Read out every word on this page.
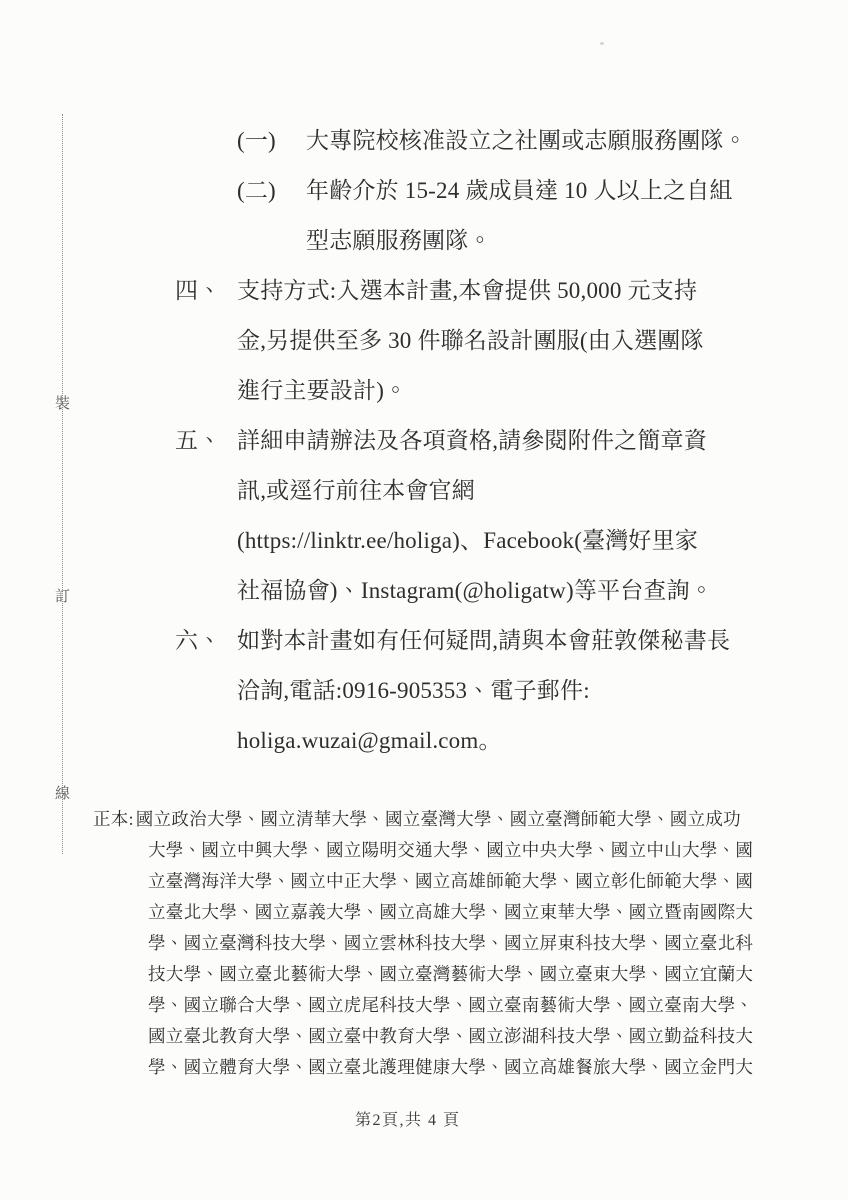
裝
訂
線
(一)	大專院校核准設立之社團或志願服務團隊。
(二)	年齡介於 15-24 歲成員達 10 人以上之自組
型志願服務團隊。
四、 支持方式:入選本計畫,本會提供 50,000 元支持
金,另提供至多 30 件聯名設計團服(由入選團隊
進行主要設計)。
五、 詳細申請辦法及各項資格,請參閱附件之簡章資
訊,或逕行前往本會官網
(https://linktr.ee/holiga)、Facebook(臺灣好里家
社福協會)、Instagram(@holigatw)等平台查詢。
六、 如對本計畫如有任何疑問,請與本會莊敦傑秘書長
洽詢,電話:0916-905353、電子郵件:
holiga.wuzai@gmail.com。
正本: 國立政治大學、國立清華大學、國立臺灣大學、國立臺灣師範大學、國立成功
大學、國立中興大學、國立陽明交通大學、國立中央大學、國立中山大學、國
立臺灣海洋大學、國立中正大學、國立高雄師範大學、國立彰化師範大學、國
立臺北大學、國立嘉義大學、國立高雄大學、國立東華大學、國立暨南國際大
學、國立臺灣科技大學、國立雲林科技大學、國立屏東科技大學、國立臺北科
技大學、國立臺北藝術大學、國立臺灣藝術大學、國立臺東大學、國立宜蘭大
學、國立聯合大學、國立虎尾科技大學、國立臺南藝術大學、國立臺南大學、
國立臺北教育大學、國立臺中教育大學、國立澎湖科技大學、國立勤益科技大
學、國立體育大學、國立臺北護理健康大學、國立高雄餐旅大學、國立金門大
第2頁,共 4 頁
